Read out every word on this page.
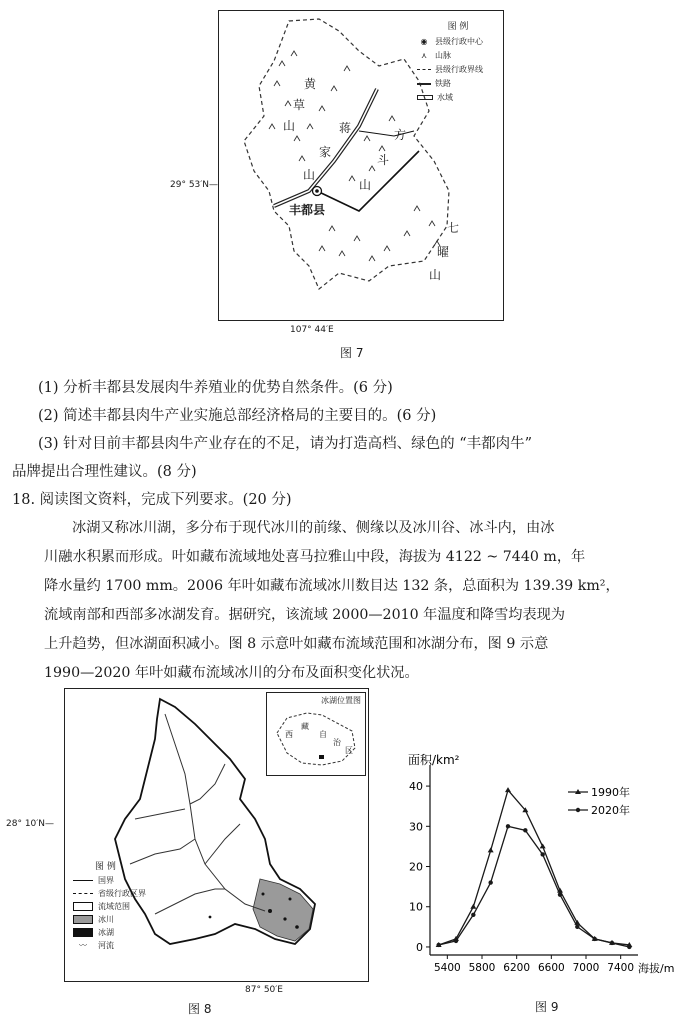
图 例
◉ 县级行政中心
⋏	山脉
县级行政界线
铁路
水域
黄
草
山	蒋
家
山
方
斗
山
七
曜
山
丰都县
29° 53′N—
107° 44′E
图 7
(1) 分析丰都县发展肉牛养殖业的优势自然条件。(6 分)
(2) 简述丰都县肉牛产业实施总部经济格局的主要目的。(6 分)
(3) 针对目前丰都县肉牛产业存在的不足，请为打造高档、绿色的 “丰都肉牛”
品牌提出合理性建议。(8 分)
18. 阅读图文资料，完成下列要求。(20 分)
冰湖又称冰川湖，多分布于现代冰川的前缘、侧缘以及冰川谷、冰斗内，由冰
川融水积累而形成。叶如藏布流域地处喜马拉雅山中段，海拔为 4122 ~ 7440 m，年
降水量约 1700 mm。2006 年叶如藏布流域冰川数目达 132 条，总面积为 139.39 km²，
流域南部和西部多冰湖发育。据研究，该流域 2000—2010 年温度和降雪均表现为
上升趋势，但冰湖面积减小。图 8 示意叶如藏布流域范围和冰湖分布，图 9 示意
1990—2020 年叶如藏布流域冰川的分布及面积变化状况。
冰湖位置图
西
藏
自
治
区
图 例
国界
省级行政区界
流域范围
冰川
冰湖
〰	河流
28° 10′N—
87° 50′E
图 8
面积/km²
0
10
20
30
40
5400 5800 6200 6600 7000 7400
1990年
2020年
海拔/m
图 9
